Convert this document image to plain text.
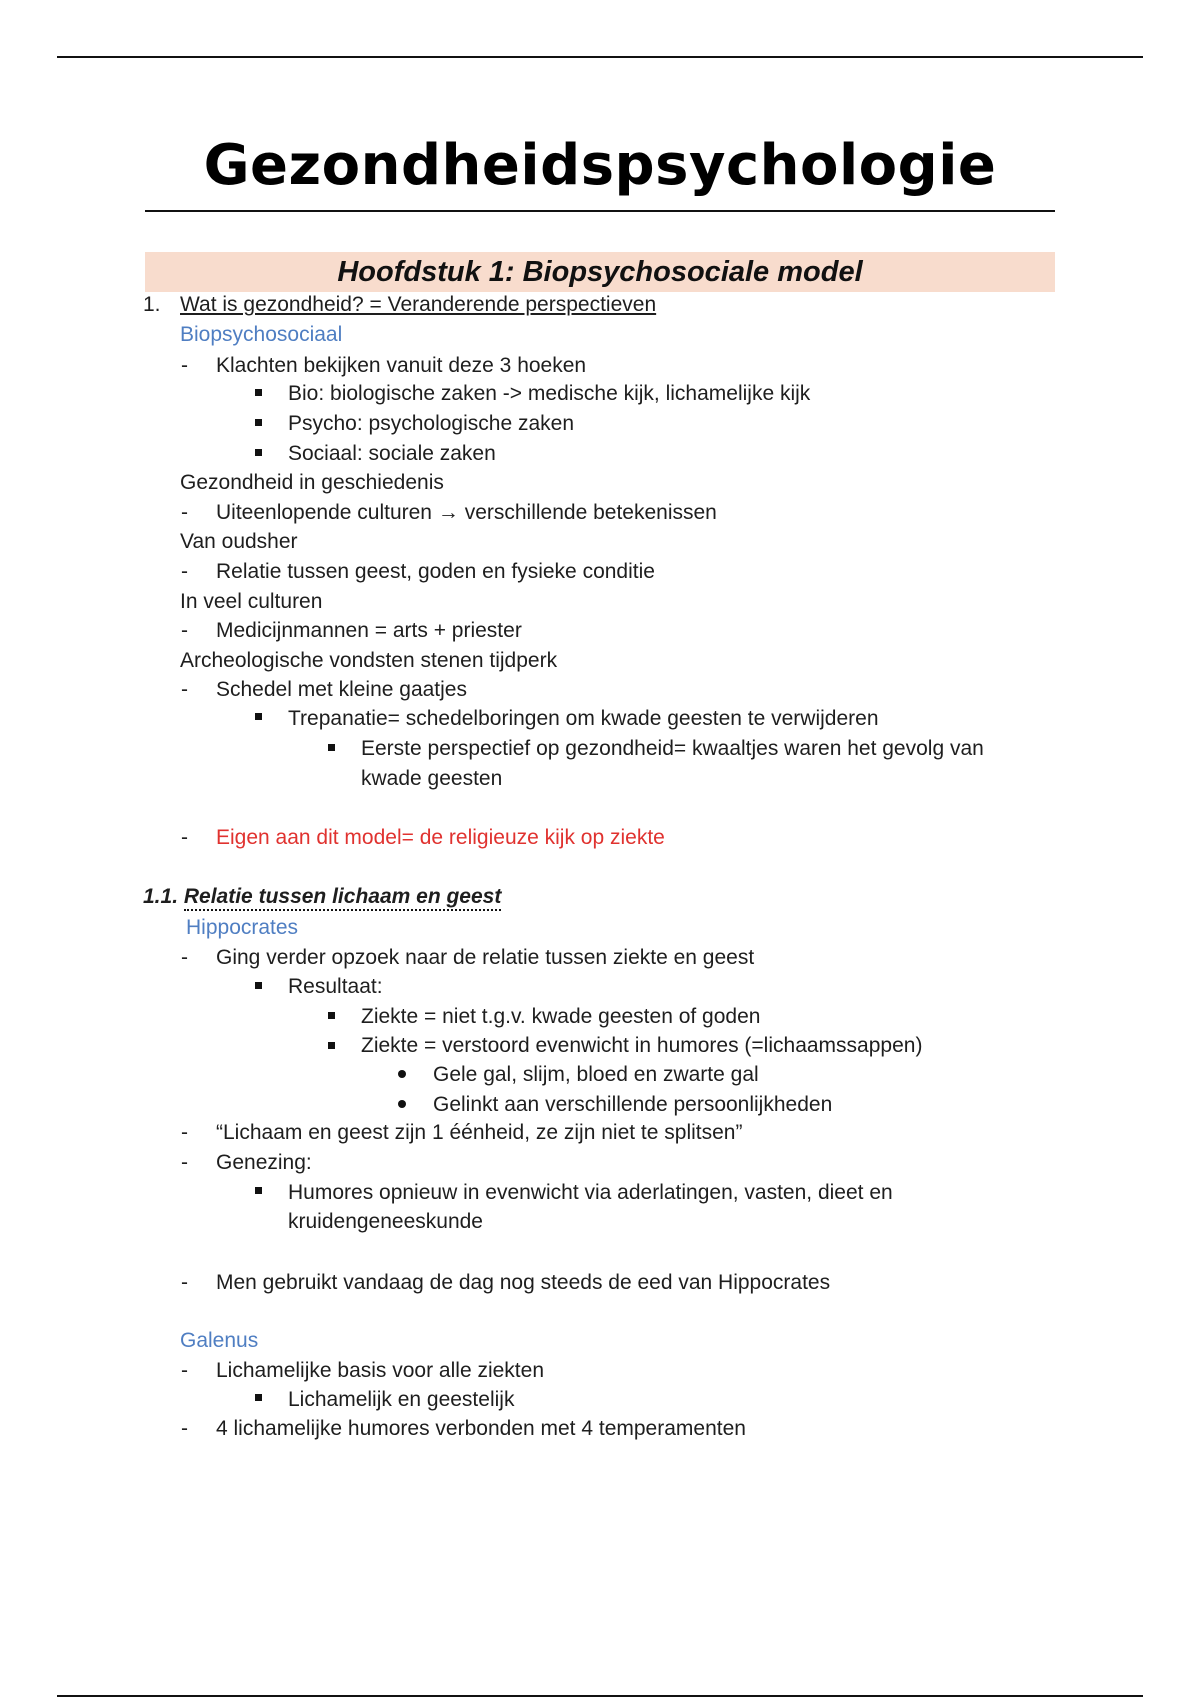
Gezondheidspsychologie
Hoofdstuk 1: Biopsychosociale model
1. Wat is gezondheid? = Veranderende perspectieven
Biopsychosociaal
- Klachten bekijken vanuit deze 3 hoeken
Bio: biologische zaken -> medische kijk, lichamelijke kijk
Psycho: psychologische zaken
Sociaal: sociale zaken
Gezondheid in geschiedenis
- Uiteenlopende culturen → verschillende betekenissen
Van oudsher
- Relatie tussen geest, goden en fysieke conditie
In veel culturen
- Medicijnmannen = arts + priester
Archeologische vondsten stenen tijdperk
- Schedel met kleine gaatjes
Trepanatie= schedelboringen om kwade geesten te verwijderen
Eerste perspectief op gezondheid= kwaaltjes waren het gevolg van
kwade geesten
- Eigen aan dit model= de religieuze kijk op ziekte
1.1. Relatie tussen lichaam en geest
Hippocrates
- Ging verder opzoek naar de relatie tussen ziekte en geest
Resultaat:
Ziekte = niet t.g.v. kwade geesten of goden
Ziekte = verstoord evenwicht in humores (=lichaamssappen)
Gele gal, slijm, bloed en zwarte gal
Gelinkt aan verschillende persoonlijkheden
- “Lichaam en geest zijn 1 éénheid, ze zijn niet te splitsen”
- Genezing:
Humores opnieuw in evenwicht via aderlatingen, vasten, dieet en
kruidengeneeskunde
- Men gebruikt vandaag de dag nog steeds de eed van Hippocrates
Galenus
- Lichamelijke basis voor alle ziekten
Lichamelijk en geestelijk
- 4 lichamelijke humores verbonden met 4 temperamenten
